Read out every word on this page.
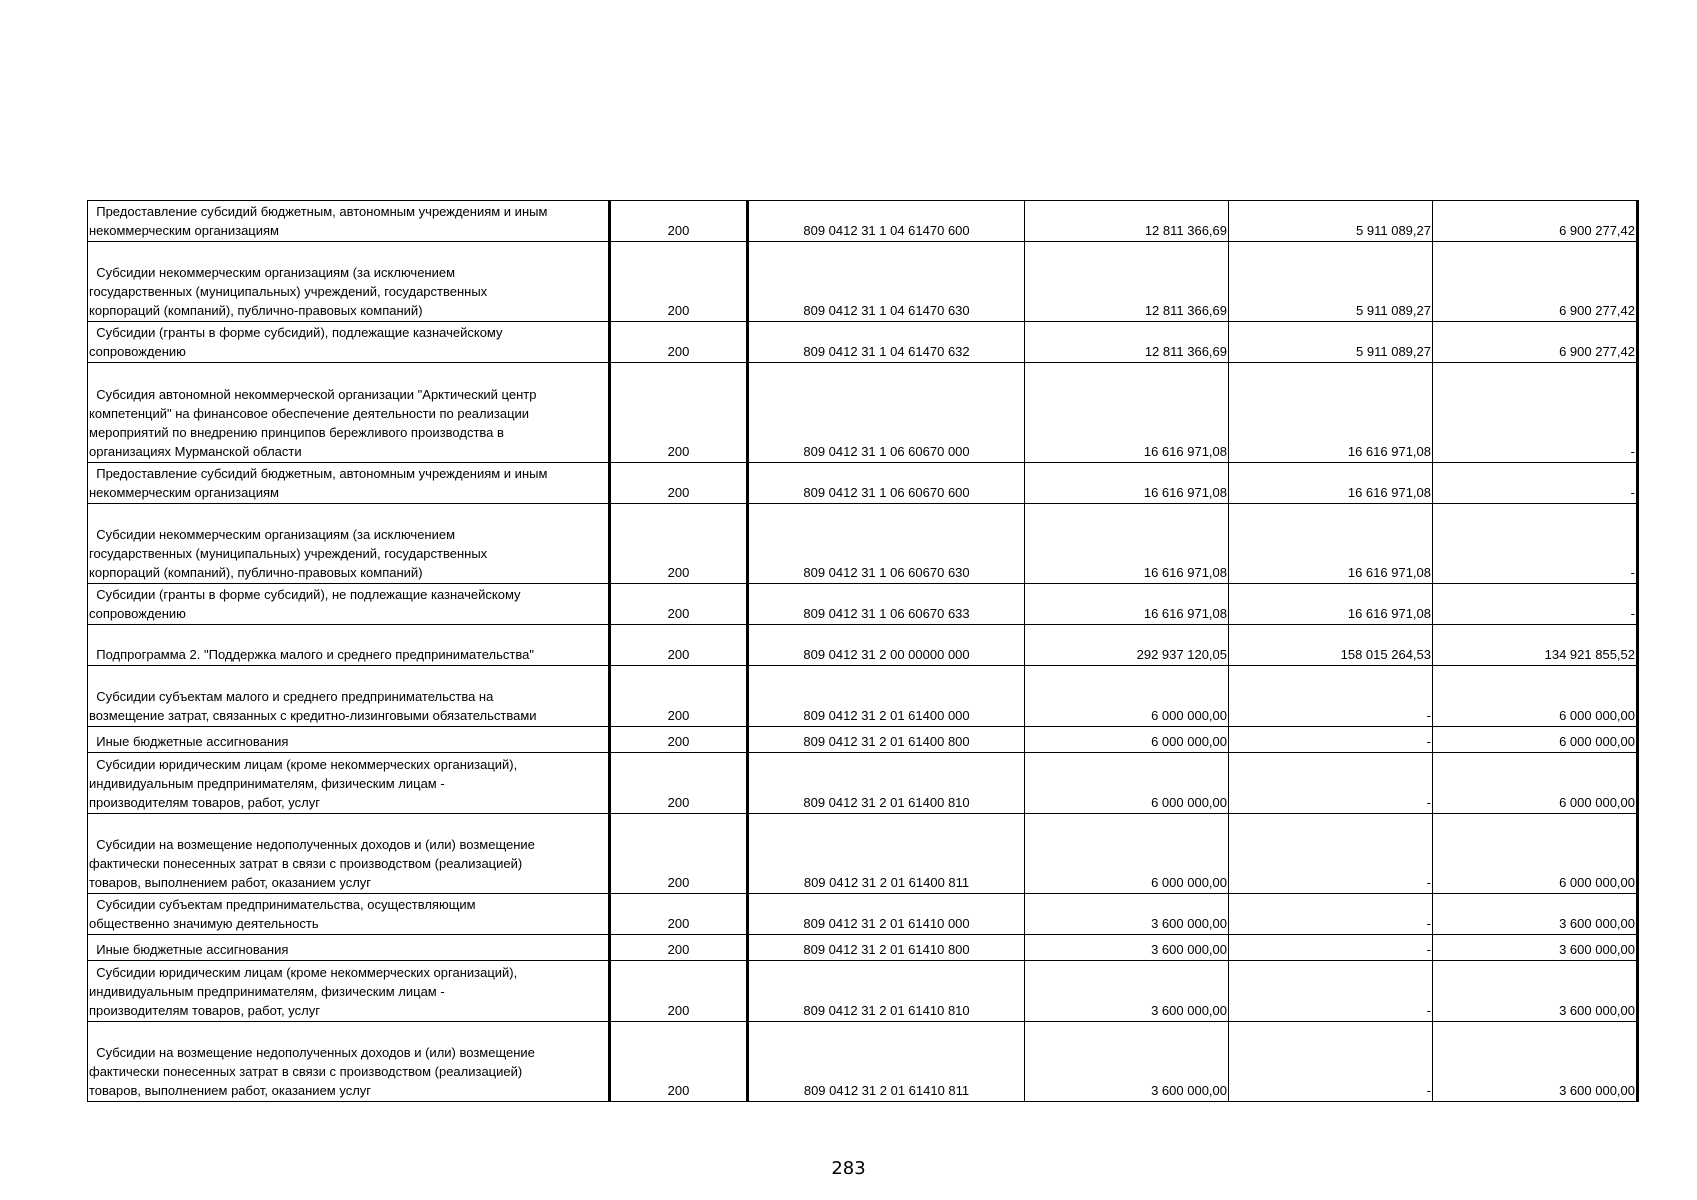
Предоставление субсидий бюджетным, автономным учреждениям и иным
некоммерческим организациям	200	809 0412 31 1 04 61470 600	12 811 366,69	5 911 089,27	6 900 277,42
Субсидии некоммерческим организациям (за исключением
государственных (муниципальных) учреждений, государственных
корпораций (компаний), публично-правовых компаний)	200	809 0412 31 1 04 61470 630	12 811 366,69	5 911 089,27	6 900 277,42
Субсидии (гранты в форме субсидий), подлежащие казначейскому
сопровождению	200	809 0412 31 1 04 61470 632	12 811 366,69	5 911 089,27	6 900 277,42
Субсидия автономной некоммерческой организации "Арктический центр
компетенций" на финансовое обеспечение деятельности по реализации
мероприятий по внедрению принципов бережливого производства в
организациях Мурманской области	200	809 0412 31 1 06 60670 000	16 616 971,08	16 616 971,08	-
Предоставление субсидий бюджетным, автономным учреждениям и иным
некоммерческим организациям	200	809 0412 31 1 06 60670 600	16 616 971,08	16 616 971,08	-
Субсидии некоммерческим организациям (за исключением
государственных (муниципальных) учреждений, государственных
корпораций (компаний), публично-правовых компаний)	200	809 0412 31 1 06 60670 630	16 616 971,08	16 616 971,08	-
Субсидии (гранты в форме субсидий), не подлежащие казначейскому
сопровождению	200	809 0412 31 1 06 60670 633	16 616 971,08	16 616 971,08	-
Подпрограмма 2. "Поддержка малого и среднего предпринимательства"	200	809 0412 31 2 00 00000 000	292 937 120,05	158 015 264,53	134 921 855,52
Субсидии субъектам малого и среднего предпринимательства на
возмещение затрат, связанных с кредитно-лизинговыми обязательствами	200	809 0412 31 2 01 61400 000	6 000 000,00	-	6 000 000,00
Иные бюджетные ассигнования	200	809 0412 31 2 01 61400 800	6 000 000,00	-	6 000 000,00
Субсидии юридическим лицам (кроме некоммерческих организаций),
индивидуальным предпринимателям, физическим лицам -
производителям товаров, работ, услуг	200	809 0412 31 2 01 61400 810	6 000 000,00	-	6 000 000,00
Субсидии на возмещение недополученных доходов и (или) возмещение
фактически понесенных затрат в связи с производством (реализацией)
товаров, выполнением работ, оказанием услуг	200	809 0412 31 2 01 61400 811	6 000 000,00	-	6 000 000,00
Субсидии субъектам предпринимательства, осуществляющим
общественно значимую деятельность	200	809 0412 31 2 01 61410 000	3 600 000,00	-	3 600 000,00
Иные бюджетные ассигнования	200	809 0412 31 2 01 61410 800	3 600 000,00	-	3 600 000,00
Субсидии юридическим лицам (кроме некоммерческих организаций),
индивидуальным предпринимателям, физическим лицам -
производителям товаров, работ, услуг	200	809 0412 31 2 01 61410 810	3 600 000,00	-	3 600 000,00
Субсидии на возмещение недополученных доходов и (или) возмещение
фактически понесенных затрат в связи с производством (реализацией)
товаров, выполнением работ, оказанием услуг	200	809 0412 31 2 01 61410 811	3 600 000,00	-	3 600 000,00
283
